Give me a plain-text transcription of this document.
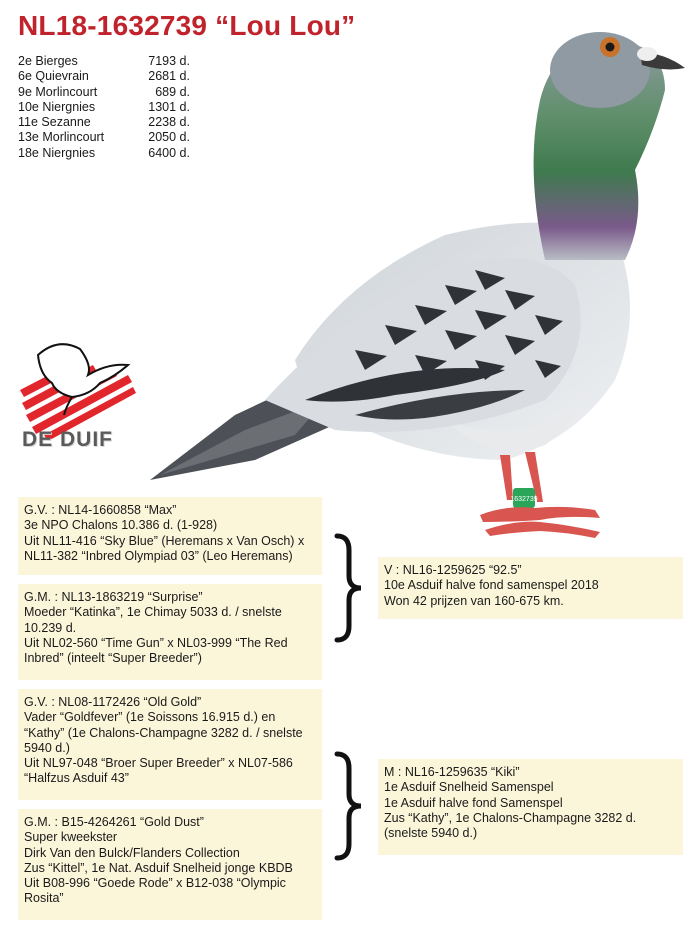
NL18-1632739 “Lou Lou”
2e Bierges	7193 d.
6e Quievrain	2681 d.
9e Morlincourt	689 d.
10e Niergnies	1301 d.
11e Sezanne	2238 d.
13e Morlincourt	2050 d.
18e Niergnies	6400 d.
1632739
DE DUIF
G.V. : NL14-1660858 “Max”
3e NPO Chalons 10.386 d. (1-928)
Uit NL11-416 “Sky Blue” (Heremans x Van Osch) x
NL11-382 “Inbred Olympiad 03” (Leo Heremans)
G.M. : NL13-1863219 “Surprise”
Moeder “Katinka”, 1e Chimay 5033 d. / snelste
10.239 d.
Uit NL02-560 “Time Gun” x NL03-999 “The Red
Inbred” (inteelt “Super Breeder”)
G.V. : NL08-1172426 “Old Gold”
Vader “Goldfever” (1e Soissons 16.915 d.) en
“Kathy” (1e Chalons-Champagne 3282 d. / snelste
5940 d.)
Uit NL97-048 “Broer Super Breeder” x NL07-586
“Halfzus Asduif 43”
G.M. : B15-4264261 “Gold Dust”
Super kweekster
Dirk Van den Bulck/Flanders Collection
Zus “Kittel”, 1e Nat. Asduif Snelheid jonge KBDB
Uit B08-996 “Goede Rode” x B12-038 “Olympic
Rosita”
V : NL16-1259625 “92.5”
10e Asduif halve fond samenspel 2018
Won 42 prijzen van 160-675 km.
M : NL16-1259635 “Kiki”
1e Asduif Snelheid Samenspel
1e Asduif halve fond Samenspel
Zus “Kathy”, 1e Chalons-Champagne 3282 d.
(snelste 5940 d.)
